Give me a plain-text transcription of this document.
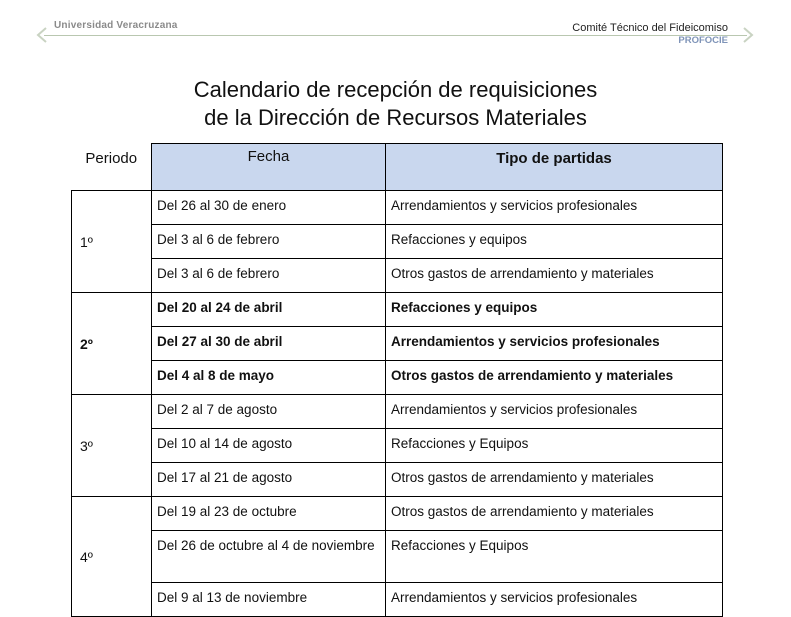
Universidad Veracruzana	Comité Técnico del Fideicomiso
PROFOCIE
Calendario de recepción de requisiciones
de la Dirección de Recursos Materiales
Periodo	Fecha	Tipo de partidas
1º	Del 26 al 30 de enero	Arrendamientos y servicios profesionales
	Del 3 al 6 de febrero	Refacciones y equipos
	Del 3 al 6 de febrero	Otros gastos de arrendamiento y materiales
2º	Del 20 al 24 de abril	Refacciones y equipos
	Del 27 al 30 de abril	Arrendamientos y servicios profesionales
	Del 4 al 8 de mayo	Otros gastos de arrendamiento y materiales
3º	Del 2 al 7 de agosto	Arrendamientos y servicios profesionales
	Del 10 al 14 de agosto	Refacciones y Equipos
	Del 17 al 21 de agosto	Otros gastos de arrendamiento y materiales
4º	Del 19 al 23 de octubre	Otros gastos de arrendamiento y materiales
	Del 26 de octubre al 4 de noviembre	Refacciones y Equipos
	Del 9 al 13 de noviembre	Arrendamientos y servicios profesionales
